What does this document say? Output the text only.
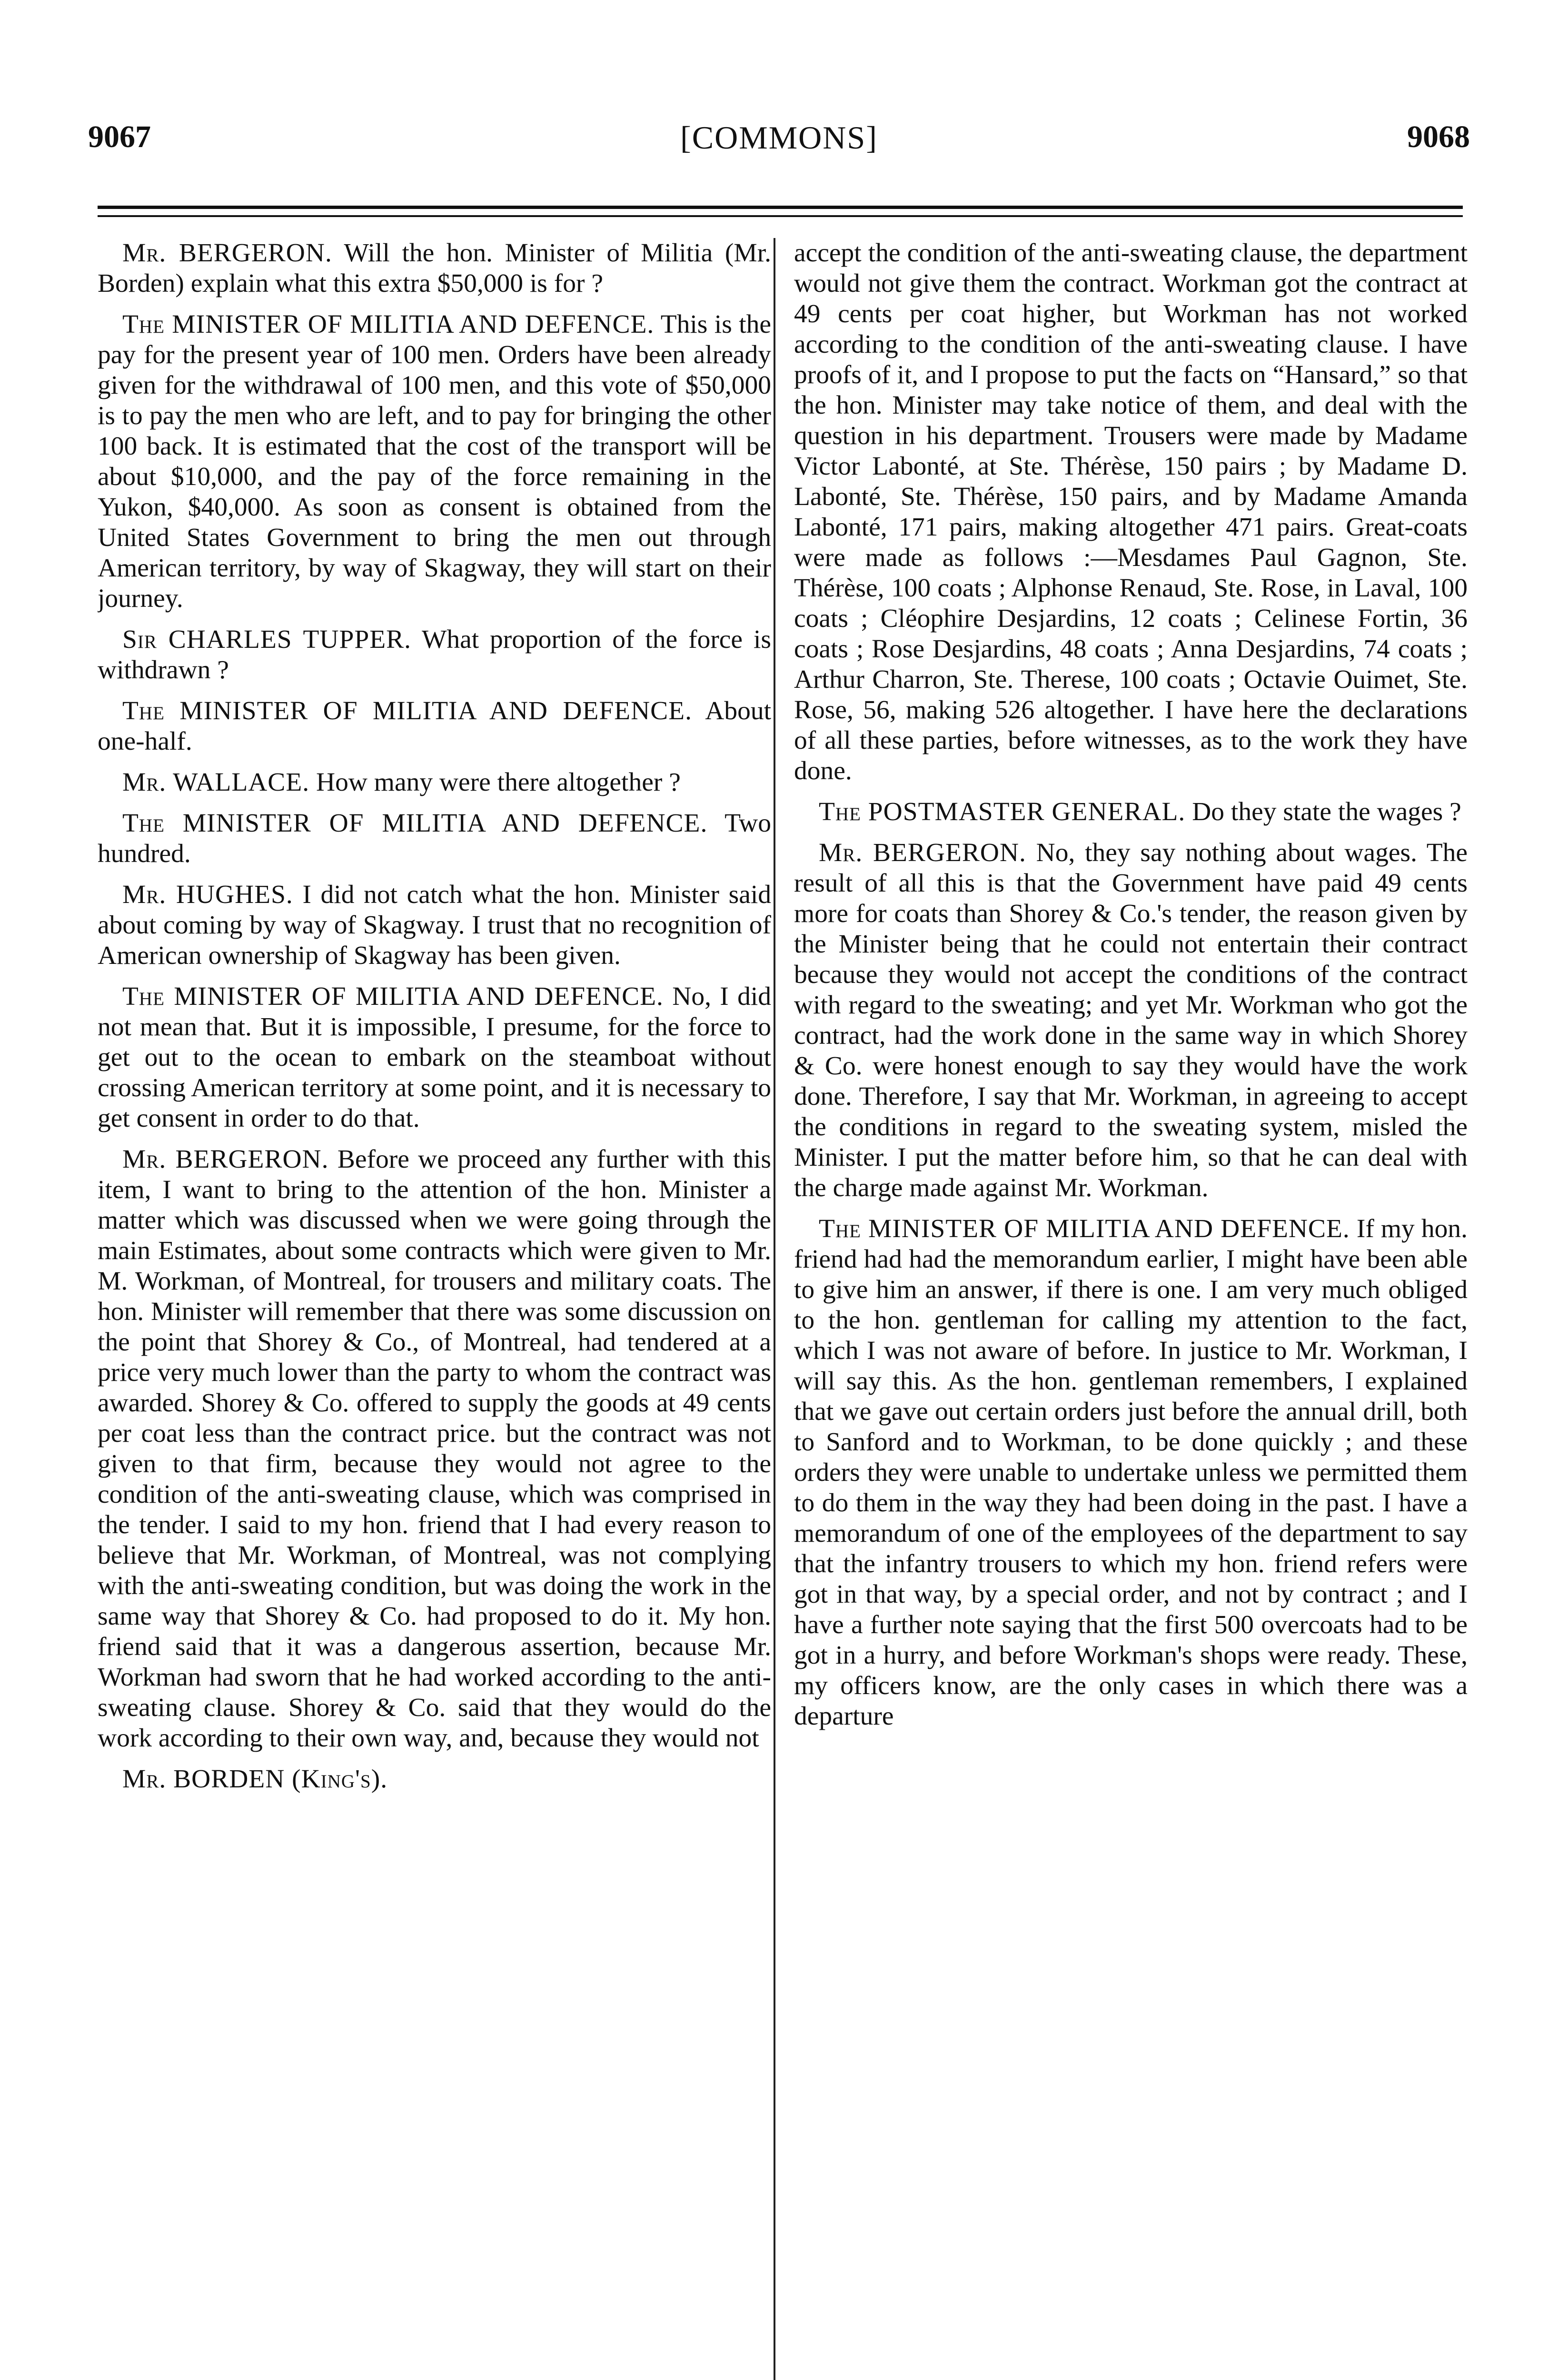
9067	[COMMONS]	9068

Mr. BERGERON. Will the hon. Minister of Militia (Mr. Borden) explain what this extra $50,000 is for ?

The MINISTER OF MILITIA AND DEFENCE. This is the pay for the present year of 100 men. Orders have been already given for the withdrawal of 100 men, and this vote of $50,000 is to pay the men who are left, and to pay for bringing the other 100 back. It is estimated that the cost of the transport will be about $10,000, and the pay of the force remaining in the Yukon, $40,000. As soon as consent is obtained from the United States Government to bring the men out through American territory, by way of Skagway, they will start on their journey.

Sir CHARLES TUPPER. What proportion of the force is withdrawn ?

The MINISTER OF MILITIA AND DEFENCE. About one-half.

Mr. WALLACE. How many were there altogether ?

The MINISTER OF MILITIA AND DEFENCE. Two hundred.

Mr. HUGHES. I did not catch what the hon. Minister said about coming by way of Skagway. I trust that no recognition of American ownership of Skagway has been given.

The MINISTER OF MILITIA AND DEFENCE. No, I did not mean that. But it is impossible, I presume, for the force to get out to the ocean to embark on the steamboat without crossing American territory at some point, and it is necessary to get consent in order to do that.

Mr. BERGERON. Before we proceed any further with this item, I want to bring to the attention of the hon. Minister a matter which was discussed when we were going through the main Estimates, about some contracts which were given to Mr. M. Workman, of Montreal, for trousers and military coats. The hon. Minister will remember that there was some discussion on the point that Shorey & Co., of Montreal, had tendered at a price very much lower than the party to whom the contract was awarded. Shorey & Co. offered to supply the goods at 49 cents per coat less than the contract price. but the contract was not given to that firm, because they would not agree to the condition of the anti-sweating clause, which was comprised in the tender. I said to my hon. friend that I had every reason to believe that Mr. Workman, of Montreal, was not complying with the anti-sweating condition, but was doing the work in the same way that Shorey & Co. had proposed to do it. My hon. friend said that it was a dangerous assertion, because Mr. Workman had sworn that he had worked according to the anti-sweating clause. Shorey & Co. said that they would do the work according to their own way, and, because they would not

Mr. BORDEN (King's).

accept the condition of the anti-sweating clause, the department would not give them the contract. Workman got the contract at 49 cents per coat higher, but Workman has not worked according to the condition of the anti-sweating clause. I have proofs of it, and I propose to put the facts on “Hansard,” so that the hon. Minister may take notice of them, and deal with the question in his department. Trousers were made by Madame Victor Labonté, at Ste. Thérèse, 150 pairs ; by Madame D. Labonté, Ste. Thérèse, 150 pairs, and by Madame Amanda Labonté, 171 pairs, making altogether 471 pairs. Great-coats were made as follows :—Mesdames Paul Gagnon, Ste. Thérèse, 100 coats ; Alphonse Renaud, Ste. Rose, in Laval, 100 coats ; Cléophire Desjardins, 12 coats ; Celinese Fortin, 36 coats ; Rose Desjardins, 48 coats ; Anna Desjardins, 74 coats ; Arthur Charron, Ste. Therese, 100 coats ; Octavie Ouimet, Ste. Rose, 56, making 526 altogether. I have here the declarations of all these parties, before witnesses, as to the work they have done.

The POSTMASTER GENERAL. Do they state the wages ?

Mr. BERGERON. No, they say nothing about wages. The result of all this is that the Government have paid 49 cents more for coats than Shorey & Co.'s tender, the reason given by the Minister being that he could not entertain their contract because they would not accept the conditions of the contract with regard to the sweating; and yet Mr. Workman who got the contract, had the work done in the same way in which Shorey & Co. were honest enough to say they would have the work done. Therefore, I say that Mr. Workman, in agreeing to accept the conditions in regard to the sweating system, misled the Minister. I put the matter before him, so that he can deal with the charge made against Mr. Workman.

The MINISTER OF MILITIA AND DEFENCE. If my hon. friend had had the memorandum earlier, I might have been able to give him an answer, if there is one. I am very much obliged to the hon. gentleman for calling my attention to the fact, which I was not aware of before. In justice to Mr. Workman, I will say this. As the hon. gentleman remembers, I explained that we gave out certain orders just before the annual drill, both to Sanford and to Workman, to be done quickly ; and these orders they were unable to undertake unless we permitted them to do them in the way they had been doing in the past. I have a memorandum of one of the employees of the department to say that the infantry trousers to which my hon. friend refers were got in that way, by a special order, and not by contract ; and I have a further note saying that the first 500 overcoats had to be got in a hurry, and before Workman's shops were ready. These, my officers know, are the only cases in which there was a departure
